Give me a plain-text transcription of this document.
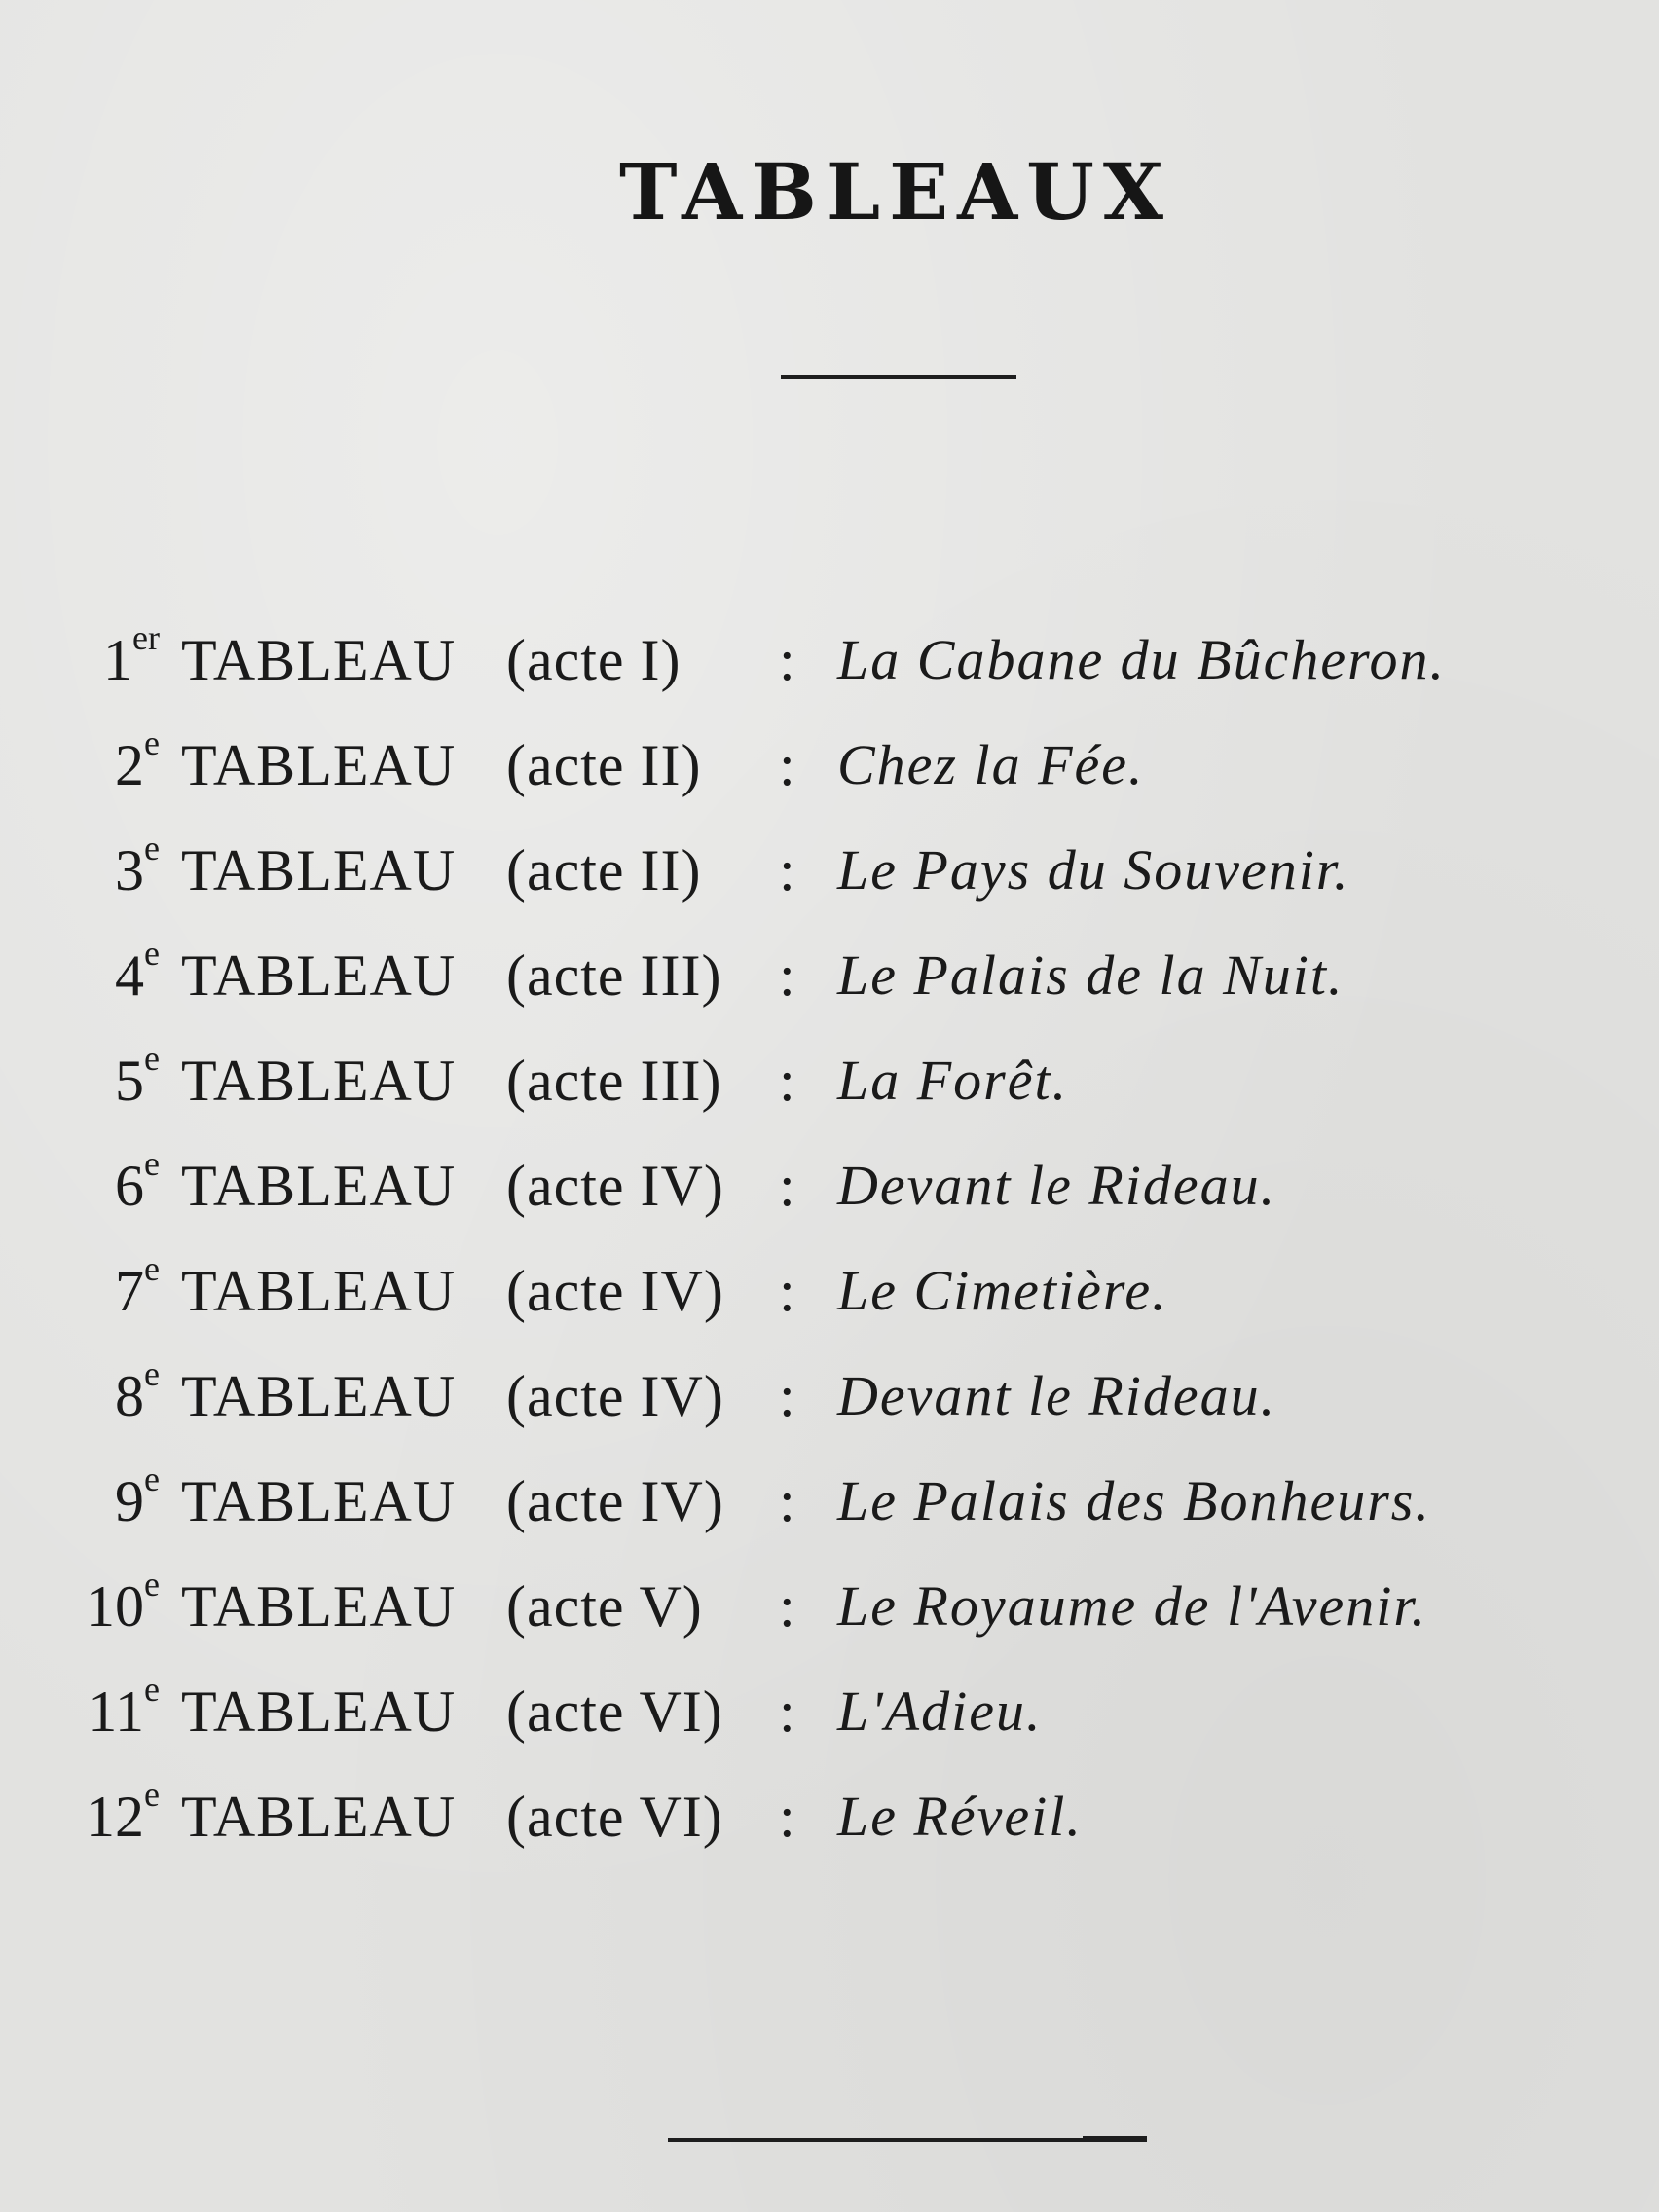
TABLEAUX
1er TABLEAU (acte I) : La Cabane du Bûcheron.
2e TABLEAU (acte II) : Chez la Fée.
3e TABLEAU (acte II) : Le Pays du Souvenir.
4e TABLEAU (acte III) : Le Palais de la Nuit.
5e TABLEAU (acte III) : La Forêt.
6e TABLEAU (acte IV) : Devant le Rideau.
7e TABLEAU (acte IV) : Le Cimetière.
8e TABLEAU (acte IV) : Devant le Rideau.
9e TABLEAU (acte IV) : Le Palais des Bonheurs.
10e TABLEAU (acte V) : Le Royaume de l'Avenir.
11e TABLEAU (acte VI) : L'Adieu.
12e TABLEAU (acte VI) : Le Réveil.
